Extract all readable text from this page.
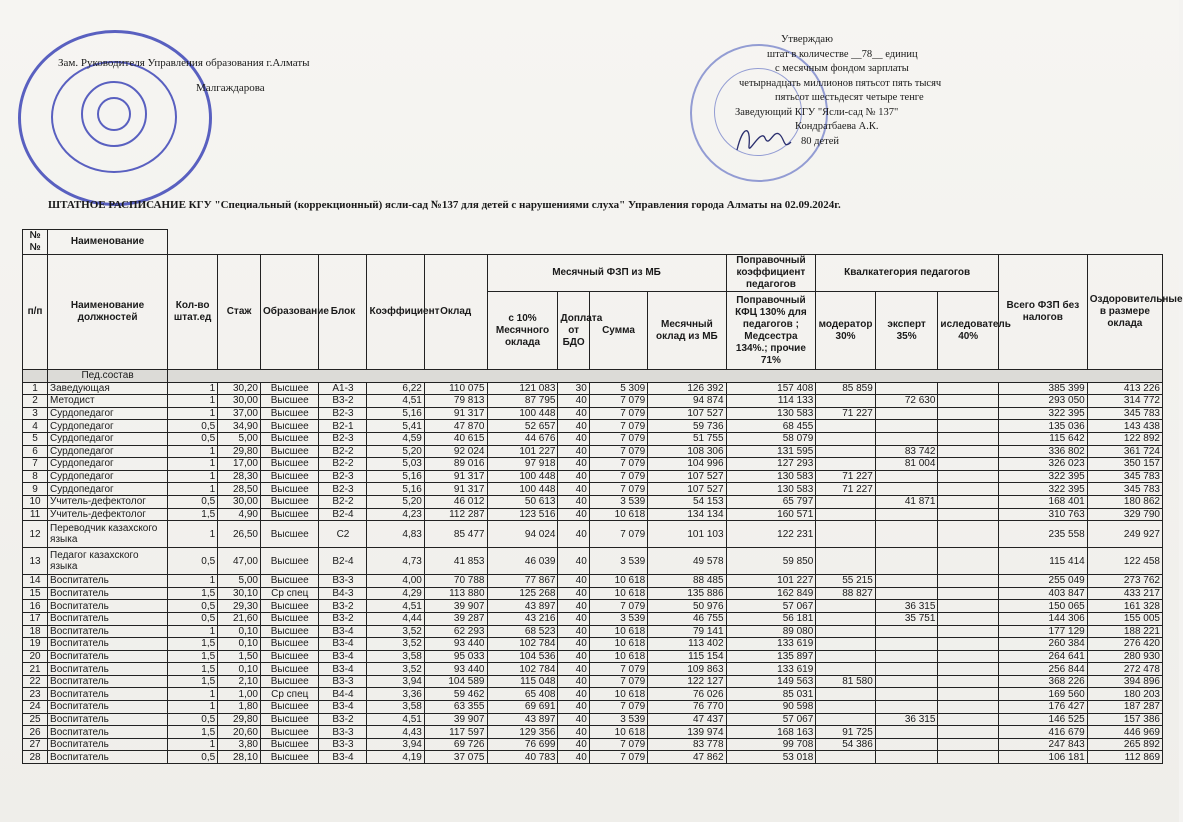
Зам. Руководителя Управления образования г.Алматы
Малгаждарова
Утверждаю
штат в количестве __78__ единиц
с месячным фондом зарплаты
четырнадцать миллионов пятьсот пять тысяч
пятьсот шестьдесят четыре тенге
Заведующий КГУ "Ясли-сад № 137"
Кондратбаева А.К.
80 детей
ШТАТНОЕ РАСПИСАНИЕ КГУ "Специальный (коррекционный) ясли-сад №137 для детей с нарушениями слуха" Управления города Алматы на 02.09.2024г.
№№	Наименование																
п/п	Наименование должностей	Кол-во штат.ед	Стаж	Образование	Блок	Коэффициент	Оклад	Месячный ФЗП из МБ				Поправочный коэффициент педагогов	Квалкатегория педагогов			Всего ФЗП без налогов	Оздоровительные в размере оклада
								с 10% Месячного оклада	Доплата от БДО	Сумма	Месячный оклад из МБ	Поправочный КФЦ 130% для педагогов ; Медсестра 134%.; прочие 71%	модератор 30%	эксперт 35%	иследователь 40%		
	Пед.состав																
1	Заведующая	1	30,20	Высшее	А1-3	6,22	110 075	121 083	30	5 309	126 392	157 408	85 859			385 399	413 226
2	Методист	1	30,00	Высшее	В3-2	4,51	79 813	87 795	40	7 079	94 874	114 133		72 630		293 050	314 772
3	Сурдопедагог	1	37,00	Высшее	В2-3	5,16	91 317	100 448	40	7 079	107 527	130 583	71 227			322 395	345 783
4	Сурдопедагог	0,5	34,90	Высшее	В2-1	5,41	47 870	52 657	40	7 079	59 736	68 455				135 036	143 438
5	Сурдопедагог	0,5	5,00	Высшее	В2-3	4,59	40 615	44 676	40	7 079	51 755	58 079				115 642	122 892
6	Сурдопедагог	1	29,80	Высшее	В2-2	5,20	92 024	101 227	40	7 079	108 306	131 595		83 742		336 802	361 724
7	Сурдопедагог	1	17,00	Высшее	В2-2	5,03	89 016	97 918	40	7 079	104 996	127 293		81 004		326 023	350 157
8	Сурдопедагог	1	28,30	Высшее	В2-3	5,16	91 317	100 448	40	7 079	107 527	130 583	71 227			322 395	345 783
9	Сурдопедагог	1	28,50	Высшее	В2-3	5,16	91 317	100 448	40	7 079	107 527	130 583	71 227			322 395	345 783
10	Учитель-дефектолог	0,5	30,00	Высшее	В2-2	5,20	46 012	50 613	40	3 539	54 153	65 797		41 871		168 401	180 862
11	Учитель-дефектолог	1,5	4,90	Высшее	В2-4	4,23	112 287	123 516	40	10 618	134 134	160 571				310 763	329 790
12	Переводчик казахского языка	1	26,50	Высшее	С2	4,83	85 477	94 024	40	7 079	101 103	122 231				235 558	249 927
13	Педагог казахского языка	0,5	47,00	Высшее	В2-4	4,73	41 853	46 039	40	3 539	49 578	59 850				115 414	122 458
14	Воспитатель	1	5,00	Высшее	В3-3	4,00	70 788	77 867	40	10 618	88 485	101 227	55 215			255 049	273 762
15	Воспитатель	1,5	30,10	Ср спец	В4-3	4,29	113 880	125 268	40	10 618	135 886	162 849	88 827			403 847	433 217
16	Воспитатель	0,5	29,30	Высшее	В3-2	4,51	39 907	43 897	40	7 079	50 976	57 067		36 315		150 065	161 328
17	Воспитатель	0,5	21,60	Высшее	В3-2	4,44	39 287	43 216	40	3 539	46 755	56 181		35 751		144 306	155 005
18	Воспитатель	1	0,10	Высшее	В3-4	3,52	62 293	68 523	40	10 618	79 141	89 080				177 129	188 221
19	Воспитатель	1,5	0,10	Высшее	В3-4	3,52	93 440	102 784	40	10 618	113 402	133 619				260 384	276 420
20	Воспитатель	1,5	1,50	Высшее	В3-4	3,58	95 033	104 536	40	10 618	115 154	135 897				264 641	280 930
21	Воспитатель	1,5	0,10	Высшее	В3-4	3,52	93 440	102 784	40	7 079	109 863	133 619				256 844	272 478
22	Воспитатель	1,5	2,10	Высшее	В3-3	3,94	104 589	115 048	40	7 079	122 127	149 563	81 580			368 226	394 896
23	Воспитатель	1	1,00	Ср спец	В4-4	3,36	59 462	65 408	40	10 618	76 026	85 031				169 560	180 203
24	Воспитатель	1	1,80	Высшее	В3-4	3,58	63 355	69 691	40	7 079	76 770	90 598				176 427	187 287
25	Воспитатель	0,5	29,80	Высшее	В3-2	4,51	39 907	43 897	40	3 539	47 437	57 067		36 315		146 525	157 386
26	Воспитатель	1,5	20,60	Высшее	В3-3	4,43	117 597	129 356	40	10 618	139 974	168 163	91 725			416 679	446 969
27	Воспитатель	1	3,80	Высшее	В3-3	3,94	69 726	76 699	40	7 079	83 778	99 708	54 386			247 843	265 892
28	Воспитатель	0,5	28,10	Высшее	В3-4	4,19	37 075	40 783	40	7 079	47 862	53 018				106 181	112 869
